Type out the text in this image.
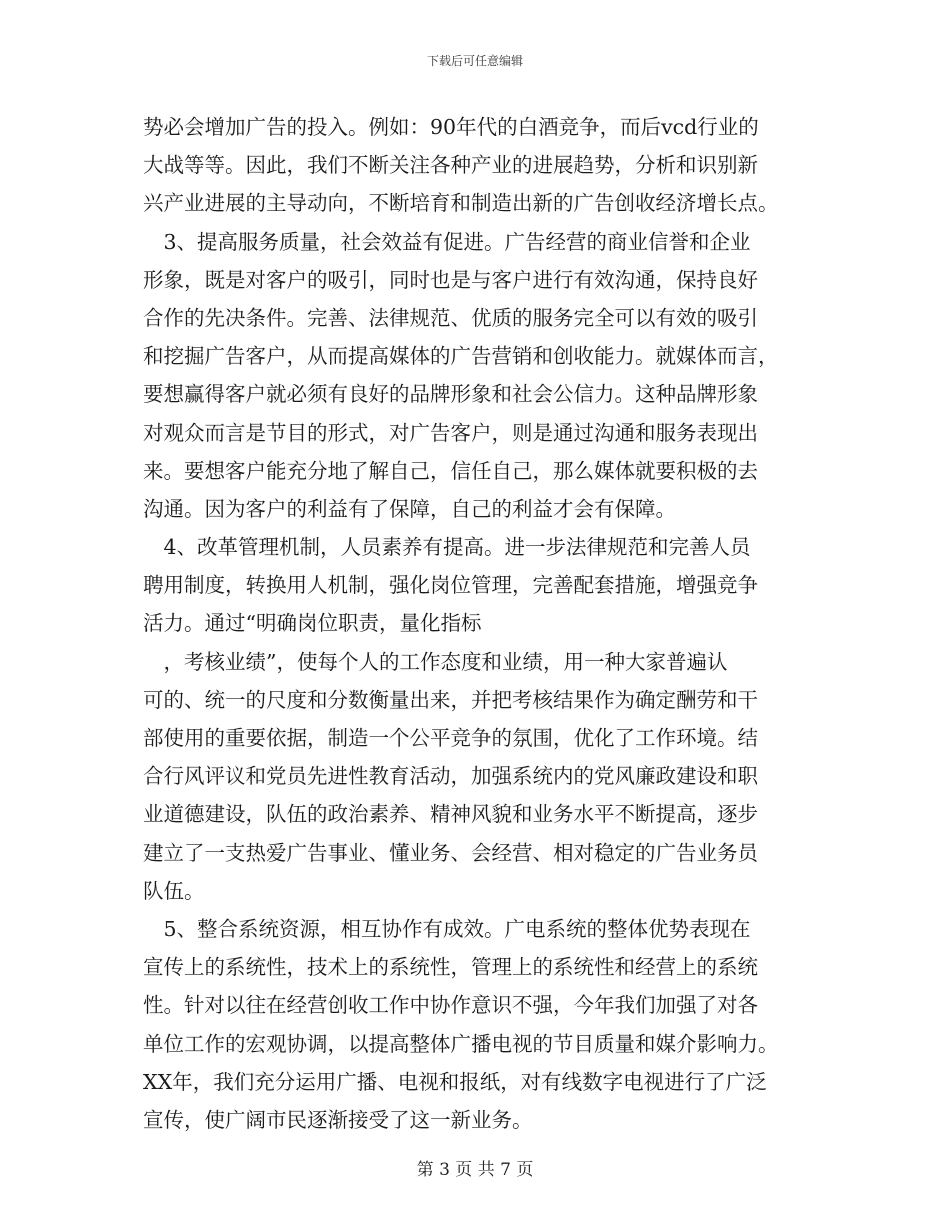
下载后可任意编辑
势必会增加广告的投入。例如：90年代的白酒竞争，而后vcd行业的
大战等等。因此，我们不断关注各种产业的进展趋势，分析和识别新
兴产业进展的主导动向，不断培育和制造出新的广告创收经济增长点。
　3、提高服务质量，社会效益有促进。广告经营的商业信誉和企业
形象，既是对客户的吸引，同时也是与客户进行有效沟通，保持良好
合作的先决条件。完善、法律规范、优质的服务完全可以有效的吸引
和挖掘广告客户，从而提高媒体的广告营销和创收能力。就媒体而言，
要想赢得客户就必须有良好的品牌形象和社会公信力。这种品牌形象
对观众而言是节目的形式，对广告客户，则是通过沟通和服务表现出
来。要想客户能充分地了解自己，信任自己，那么媒体就要积极的去
沟通。因为客户的利益有了保障，自己的利益才会有保障。
　4、改革管理机制，人员素养有提高。进一步法律规范和完善人员
聘用制度，转换用人机制，强化岗位管理，完善配套措施，增强竞争
活力。通过“明确岗位职责，量化指标
　，考核业绩”，使每个人的工作态度和业绩，用一种大家普遍认
可的、统一的尺度和分数衡量出来，并把考核结果作为确定酬劳和干
部使用的重要依据，制造一个公平竞争的氛围，优化了工作环境。结
合行风评议和党员先进性教育活动，加强系统内的党风廉政建设和职
业道德建设，队伍的政治素养、精神风貌和业务水平不断提高，逐步
建立了一支热爱广告事业、懂业务、会经营、相对稳定的广告业务员
队伍。
　5、整合系统资源，相互协作有成效。广电系统的整体优势表现在
宣传上的系统性，技术上的系统性，管理上的系统性和经营上的系统
性。针对以往在经营创收工作中协作意识不强，今年我们加强了对各
单位工作的宏观协调，以提高整体广播电视的节目质量和媒介影响力。
XX年，我们充分运用广播、电视和报纸，对有线数字电视进行了广泛
宣传，使广阔市民逐渐接受了这一新业务。
第 3 页 共 7 页
